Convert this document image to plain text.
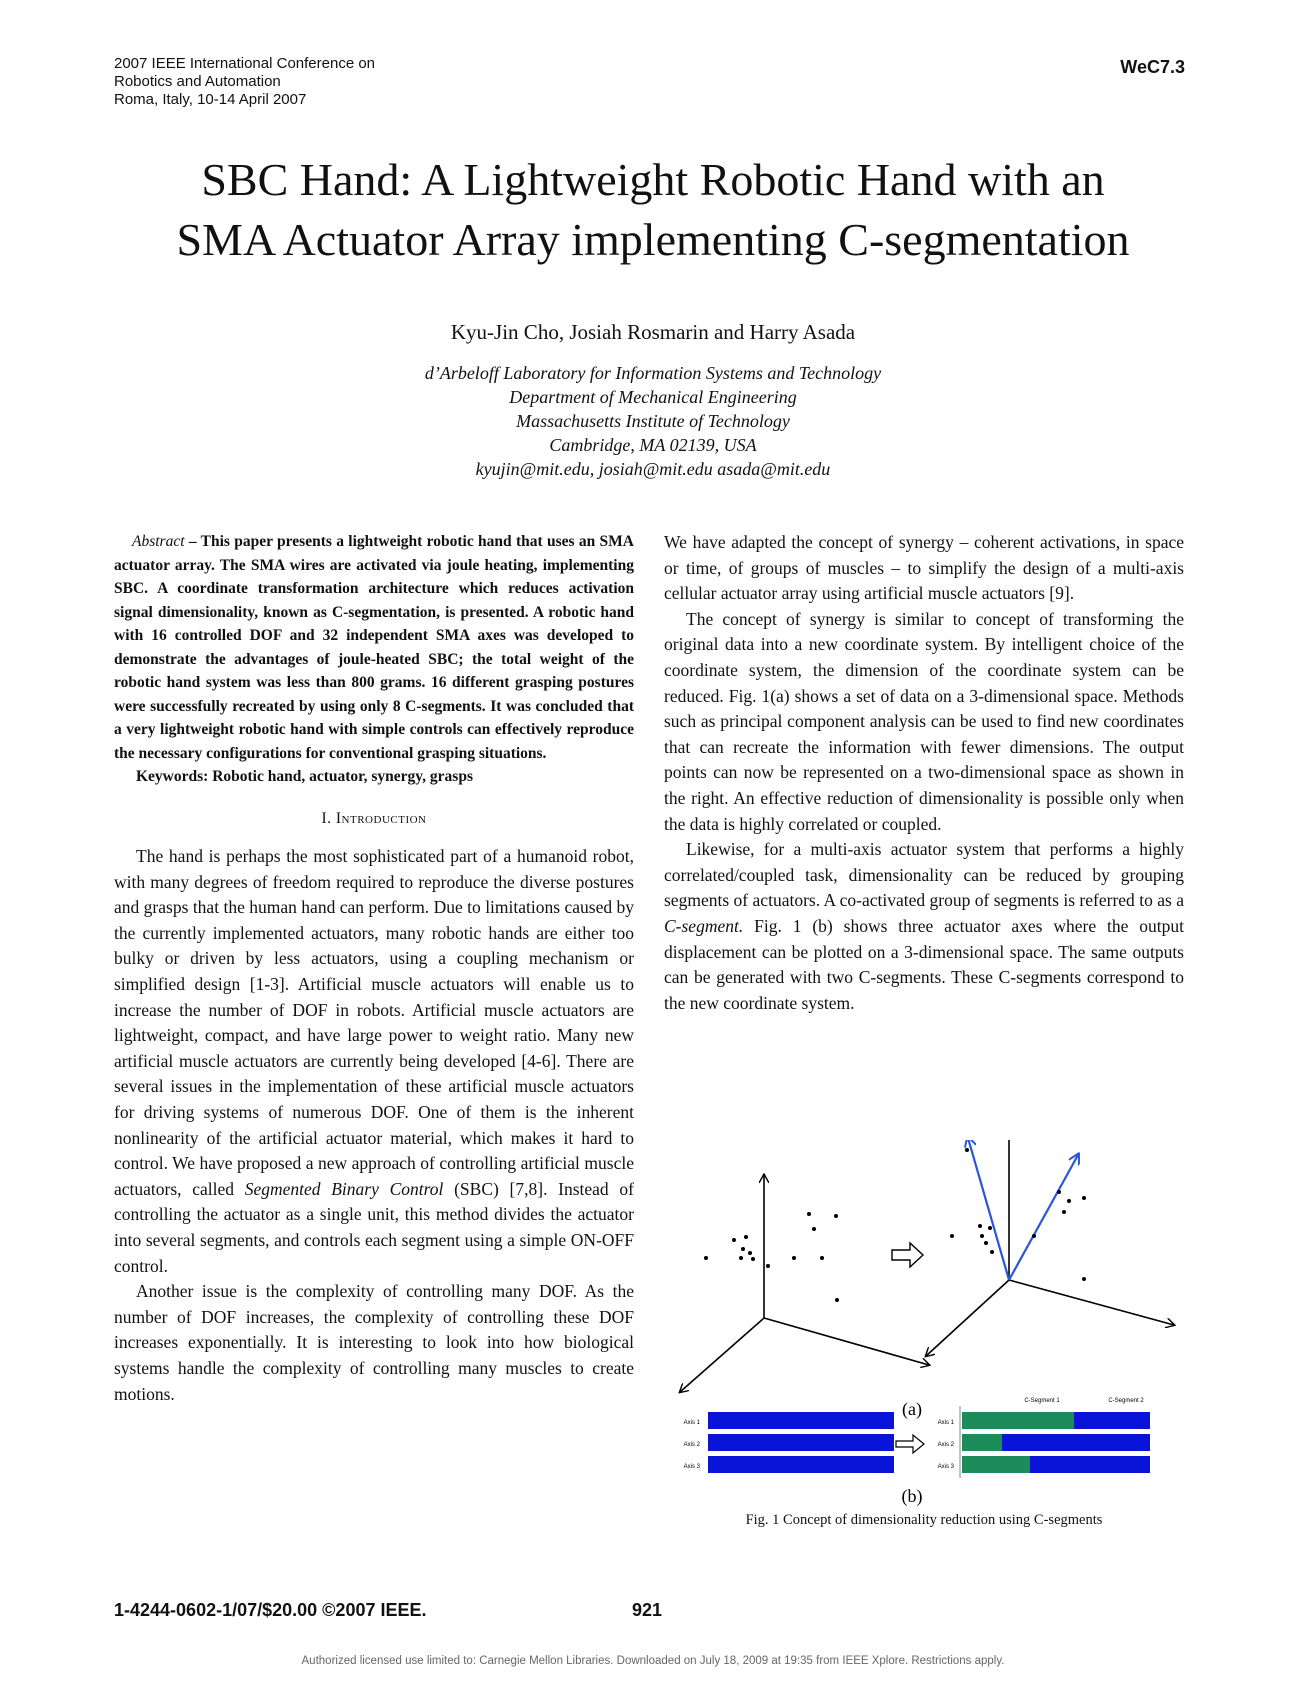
2007 IEEE International Conference on
Robotics and Automation
Roma, Italy, 10-14 April 2007
WeC7.3
SBC Hand: A Lightweight Robotic Hand with an
SMA Actuator Array implementing C-segmentation
Kyu-Jin Cho, Josiah Rosmarin and Harry Asada
d’Arbeloff Laboratory for Information Systems and Technology
Department of Mechanical Engineering
Massachusetts Institute of Technology
Cambridge, MA 02139, USA
kyujin@mit.edu, josiah@mit.edu asada@mit.edu

Abstract – This paper presents a lightweight robotic hand that uses an SMA actuator array. The SMA wires are activated via joule heating, implementing SBC. A coordinate transformation architecture which reduces activation signal dimensionality, known as C-segmentation, is presented. A robotic hand with 16 controlled DOF and 32 independent SMA axes was developed to demonstrate the advantages of joule-heated SBC; the total weight of the robotic hand system was less than 800 grams. 16 different grasping postures were successfully recreated by using only 8 C-segments. It was concluded that a very lightweight robotic hand with simple controls can effectively reproduce the necessary configurations for conventional grasping situations.

Keywords: Robotic hand, actuator, synergy, grasps

I. Introduction

The hand is perhaps the most sophisticated part of a humanoid robot, with many degrees of freedom required to reproduce the diverse postures and grasps that the human hand can perform. Due to limitations caused by the currently implemented actuators, many robotic hands are either too bulky or driven by less actuators, using a coupling mechanism or simplified design [1-3]. Artificial muscle actuators will enable us to increase the number of DOF in robots. Artificial muscle actuators are lightweight, compact, and have large power to weight ratio. Many new artificial muscle actuators are currently being developed [4-6]. There are several issues in the implementation of these artificial muscle actuators for driving systems of numerous DOF. One of them is the inherent nonlinearity of the artificial actuator material, which makes it hard to control. We have proposed a new approach of controlling artificial muscle actuators, called Segmented Binary Control (SBC) [7,8]. Instead of controlling the actuator as a single unit, this method divides the actuator into several segments, and controls each segment using a simple ON-OFF control.

Another issue is the complexity of controlling many DOF. As the number of DOF increases, the complexity of controlling these DOF increases exponentially. It is interesting to look into how biological systems handle the complexity of controlling many muscles to create motions.

We have adapted the concept of synergy – coherent activations, in space or time, of groups of muscles – to simplify the design of a multi-axis cellular actuator array using artificial muscle actuators [9].

The concept of synergy is similar to concept of transforming the original data into a new coordinate system. By intelligent choice of the coordinate system, the dimension of the coordinate system can be reduced. Fig. 1(a) shows a set of data on a 3-dimensional space. Methods such as principal component analysis can be used to find new coordinates that can recreate the information with fewer dimensions. The output points can now be represented on a two-dimensional space as shown in the right. An effective reduction of dimensionality is possible only when the data is highly correlated or coupled.

Likewise, for a multi-axis actuator system that performs a highly correlated/coupled task, dimensionality can be reduced by grouping segments of actuators. A co-activated group of segments is referred to as a C-segment. Fig. 1 (b) shows three actuator axes where the output displacement can be plotted on a 3-dimensional space. The same outputs can be generated with two C-segments. These C-segments correspond to the new coordinate system.

(a)
Axis 1
Axis 2
Axis 3
C-Segment 1	C-Segment 2
Axis 1
Axis 2
Axis 3
(b)
Fig. 1 Concept of dimensionality reduction using C-segments
1-4244-0602-1/07/$20.00 ©2007 IEEE.	921
Authorized licensed use limited to: Carnegie Mellon Libraries. Downloaded on July 18, 2009 at 19:35 from IEEE Xplore. Restrictions apply.
